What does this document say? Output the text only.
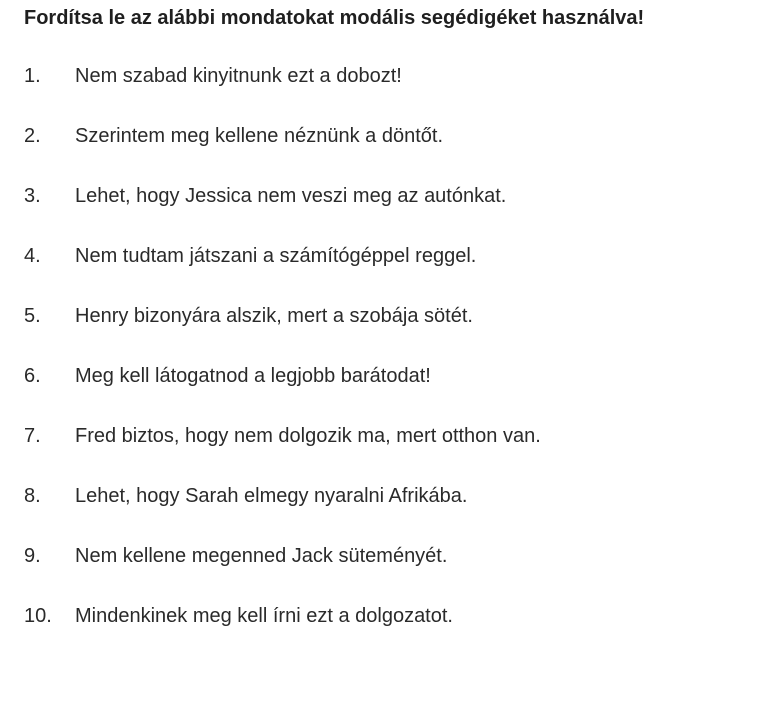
Fordítsa le az alábbi mondatokat modális segédigéket használva!
1. Nem szabad kinyitnunk ezt a dobozt!
2. Szerintem meg kellene néznünk a döntőt.
3. Lehet, hogy Jessica nem veszi meg az autónkat.
4. Nem tudtam játszani a számítógéppel reggel.
5. Henry bizonyára alszik, mert a szobája sötét.
6. Meg kell látogatnod a legjobb barátodat!
7. Fred biztos, hogy nem dolgozik ma, mert otthon van.
8. Lehet, hogy Sarah elmegy nyaralni Afrikába.
9. Nem kellene megenned Jack süteményét.
10. Mindenkinek meg kell írni ezt a dolgozatot.
